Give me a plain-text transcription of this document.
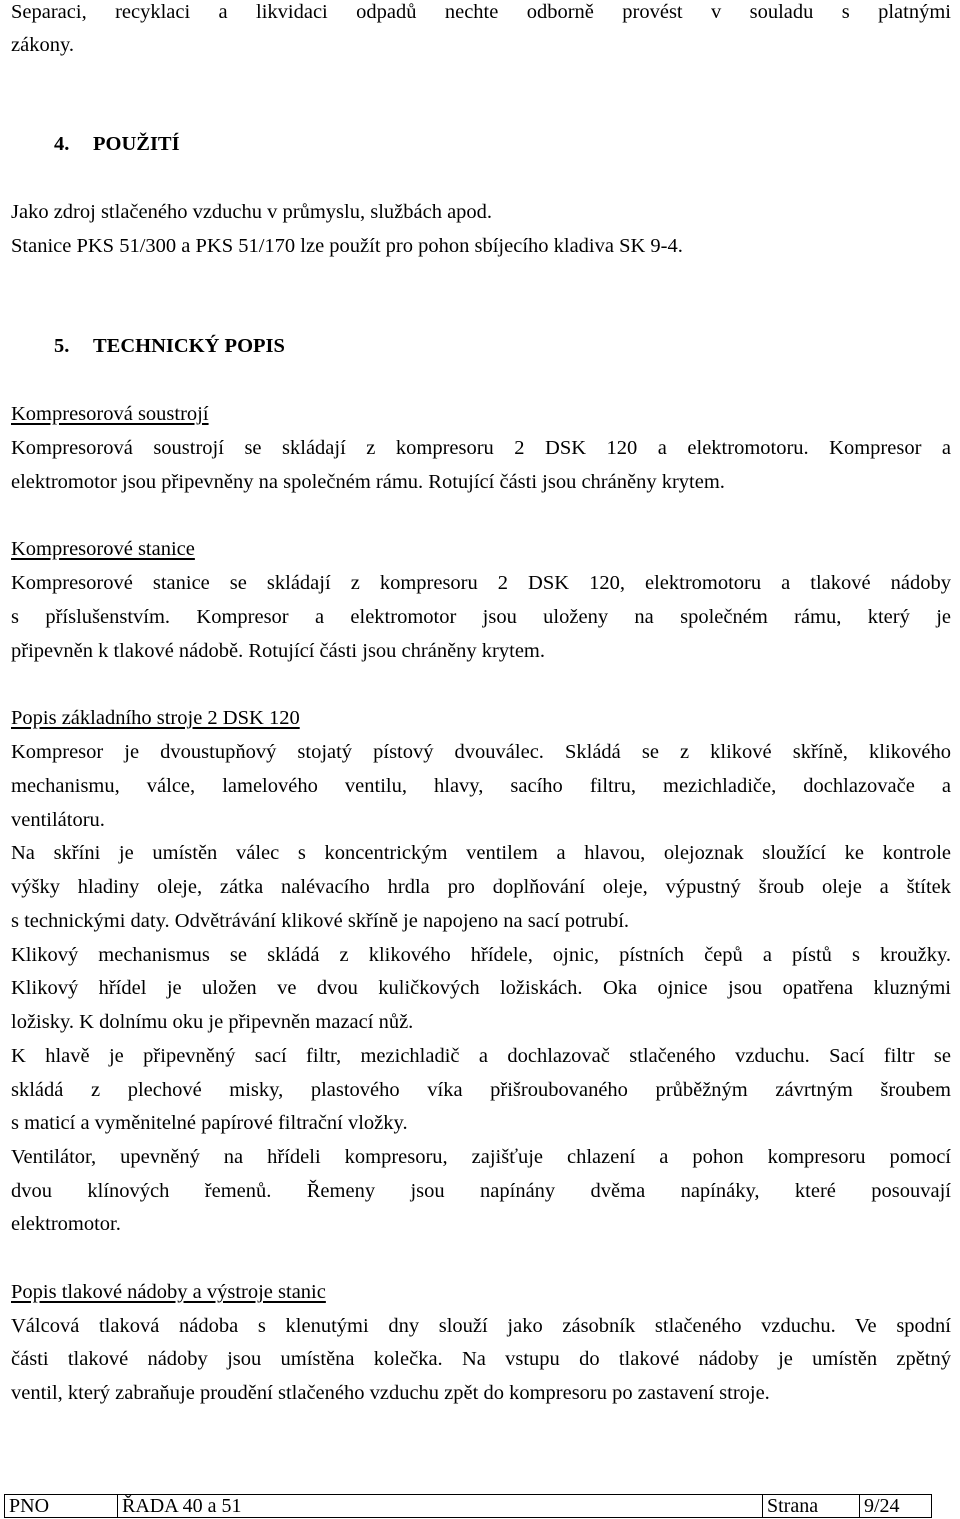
Separaci, recyklaci a likvidaci odpadů nechte odborně provést v souladu s platnými
zákony.
4. POUŽITÍ
Jako zdroj stlačeného vzduchu v průmyslu, službách apod.
Stanice PKS 51/300 a PKS 51/170 lze použít pro pohon sbíjecího kladiva SK 9-4.
5. TECHNICKÝ POPIS
Kompresorová soustrojí
Kompresorová soustrojí se skládají z kompresoru 2 DSK 120 a elektromotoru. Kompresor a
elektromotor jsou připevněny na společném rámu. Rotující části jsou chráněny krytem.
Kompresorové stanice
Kompresorové stanice se skládají z kompresoru 2 DSK 120, elektromotoru a tlakové nádoby
s příslušenstvím. Kompresor a elektromotor jsou uloženy na společném rámu, který je
připevněn k tlakové nádobě. Rotující části jsou chráněny krytem.
Popis základního stroje 2 DSK 120
Kompresor je dvoustupňový stojatý pístový dvouválec. Skládá se z klikové skříně, klikového
mechanismu, válce, lamelového ventilu, hlavy, sacího filtru, mezichladiče, dochlazovače a
ventilátoru.
Na skříni je umístěn válec s koncentrickým ventilem a hlavou, olejoznak sloužící ke kontrole
výšky hladiny oleje, zátka nalévacího hrdla pro doplňování oleje, výpustný šroub oleje a štítek
s technickými daty. Odvětrávání klikové skříně je napojeno na sací potrubí.
Klikový mechanismus se skládá z klikového hřídele, ojnic, pístních čepů a pístů s kroužky.
Klikový hřídel je uložen ve dvou kuličkových ložiskách. Oka ojnice jsou opatřena kluznými
ložisky. K dolnímu oku je připevněn mazací nůž.
K hlavě je připevněný sací filtr, mezichladič a dochlazovač stlačeného vzduchu. Sací filtr se
skládá z plechové misky, plastového víka přišroubovaného průběžným závrtným šroubem
s maticí a vyměnitelné papírové filtrační vložky.
Ventilátor, upevněný na hřídeli kompresoru, zajišťuje chlazení a pohon kompresoru pomocí
dvou klínových řemenů. Řemeny jsou napínány dvěma napínáky, které posouvají
elektromotor.
Popis tlakové nádoby a výstroje stanic
Válcová tlaková nádoba s klenutými dny slouží jako zásobník stlačeného vzduchu. Ve spodní
části tlakové nádoby jsou umístěna kolečka. Na vstupu do tlakové nádoby je umístěn zpětný
ventil, který zabraňuje proudění stlačeného vzduchu zpět do kompresoru po zastavení stroje.
PNO	ŘADA 40 a 51	Strana	9/24
